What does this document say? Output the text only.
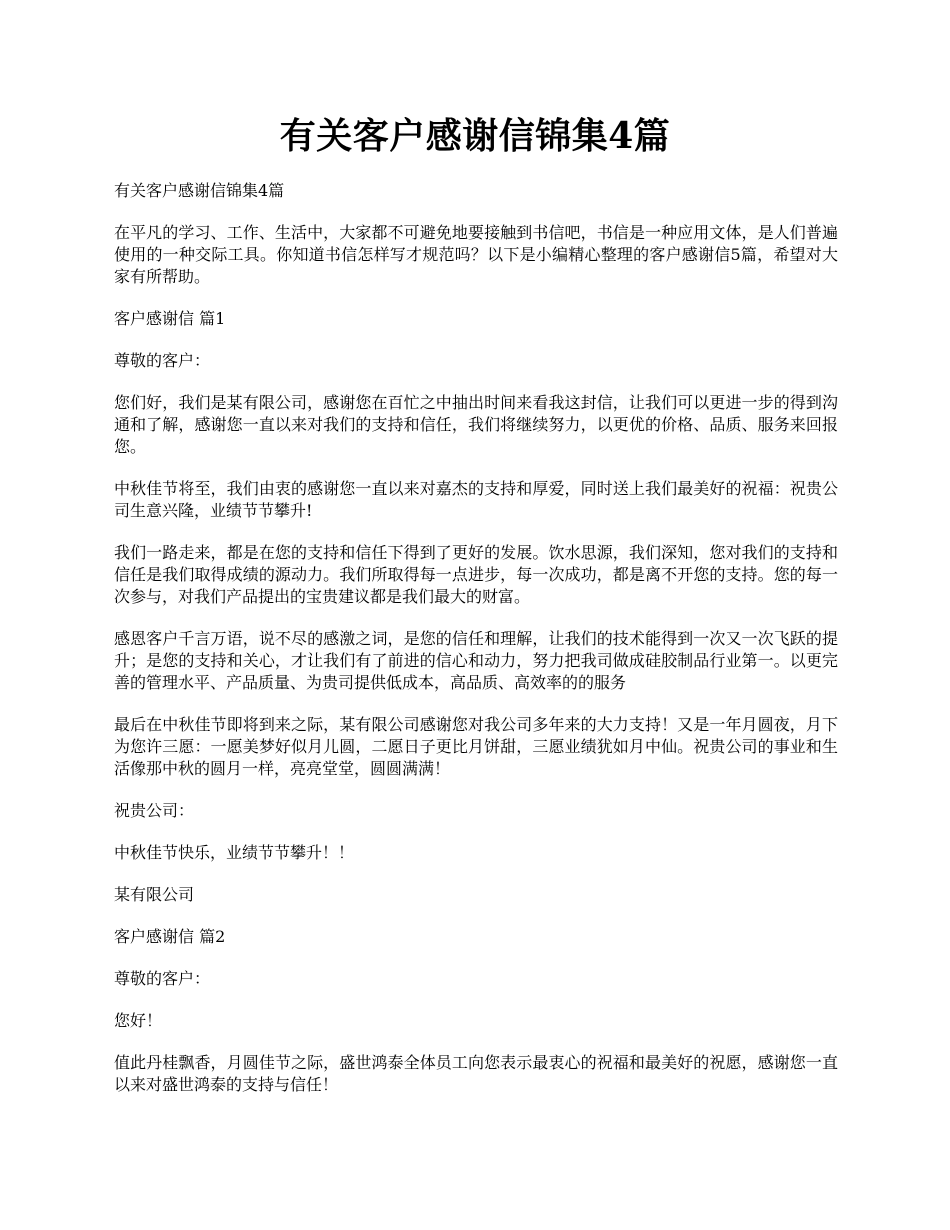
有关客户感谢信锦集4篇

有关客户感谢信锦集4篇

在平凡的学习、工作、生活中，大家都不可避免地要接触到书信吧，书信是一种应用文体，是人们普遍使用的一种交际工具。你知道书信怎样写才规范吗？以下是小编精心整理的客户感谢信5篇，希望对大家有所帮助。

客户感谢信 篇1

尊敬的客户：

您们好，我们是某有限公司，感谢您在百忙之中抽出时间来看我这封信，让我们可以更进一步的得到沟通和了解，感谢您一直以来对我们的支持和信任，我们将继续努力，以更优的价格、品质、服务来回报您。

中秋佳节将至，我们由衷的感谢您一直以来对嘉杰的支持和厚爱，同时送上我们最美好的祝福：祝贵公司生意兴隆，业绩节节攀升!

我们一路走来，都是在您的支持和信任下得到了更好的发展。饮水思源，我们深知，您对我们的支持和信任是我们取得成绩的源动力。我们所取得每一点进步，每一次成功，都是离不开您的支持。您的每一次参与，对我们产品提出的宝贵建议都是我们最大的财富。

感恩客户千言万语，说不尽的感激之词，是您的信任和理解，让我们的技术能得到一次又一次飞跃的提升；是您的支持和关心，才让我们有了前进的信心和动力，努力把我司做成硅胶制品行业第一。以更完善的管理水平、产品质量、为贵司提供低成本，高品质、高效率的的服务

最后在中秋佳节即将到来之际，某有限公司感谢您对我公司多年来的大力支持！又是一年月圆夜，月下为您许三愿：一愿美梦好似月儿圆，二愿日子更比月饼甜，三愿业绩犹如月中仙。祝贵公司的事业和生活像那中秋的圆月一样，亮亮堂堂，圆圆满满！

祝贵公司：

中秋佳节快乐，业绩节节攀升！！

某有限公司

客户感谢信 篇2

尊敬的客户：

您好！

值此丹桂飘香，月圆佳节之际，盛世鸿泰全体员工向您表示最衷心的祝福和最美好的祝愿，感谢您一直以来对盛世鸿泰的支持与信任！
